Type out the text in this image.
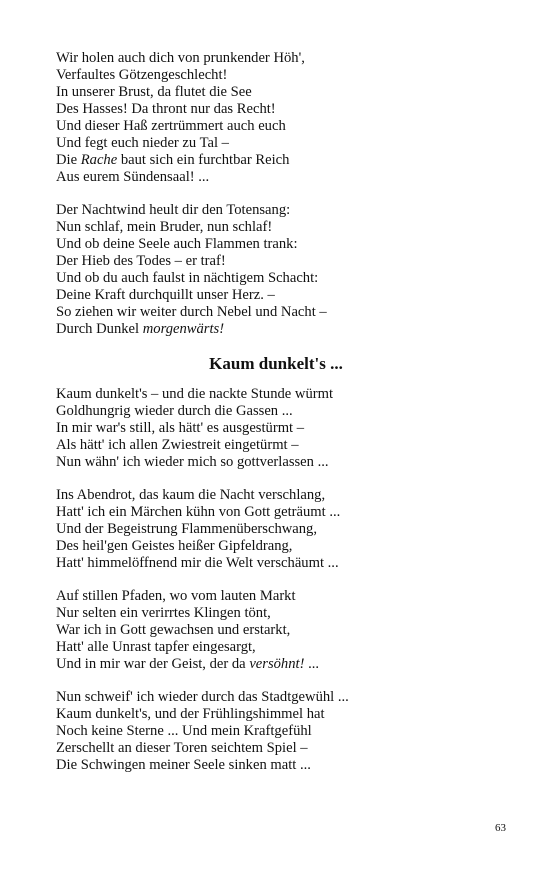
Wir holen auch dich von prunkender Höh',
Verfaultes Götzengeschlecht!
In unserer Brust, da flutet die See
Des Hasses! Da thront nur das Recht!
Und dieser Haß zertrümmert auch euch
Und fegt euch nieder zu Tal –
Die Rache baut sich ein furchtbar Reich
Aus eurem Sündensaal! ...
Der Nachtwind heult dir den Totensang:
Nun schlaf, mein Bruder, nun schlaf!
Und ob deine Seele auch Flammen trank:
Der Hieb des Todes – er traf!
Und ob du auch faulst in nächtigem Schacht:
Deine Kraft durchquillt unser Herz. –
So ziehen wir weiter durch Nebel und Nacht –
Durch Dunkel morgenwärts!
Kaum dunkelt's ...
Kaum dunkelt's – und die nackte Stunde würmt
Goldhungrig wieder durch die Gassen ...
In mir war's still, als hätt' es ausgestürmt –
Als hätt' ich allen Zwiestreit eingetürmt –
Nun wähn' ich wieder mich so gottverlassen ...
Ins Abendrot, das kaum die Nacht verschlang,
Hatt' ich ein Märchen kühn von Gott geträumt ...
Und der Begeistrung Flammenüberschwang,
Des heil'gen Geistes heißer Gipfeldrang,
Hatt' himmelöffnend mir die Welt verschäumt ...
Auf stillen Pfaden, wo vom lauten Markt
Nur selten ein verirrtes Klingen tönt,
War ich in Gott gewachsen und erstarkt,
Hatt' alle Unrast tapfer eingesargt,
Und in mir war der Geist, der da versöhnt! ...
Nun schweif' ich wieder durch das Stadtgewühl ...
Kaum dunkelt's, und der Frühlingshimmel hat
Noch keine Sterne ... Und mein Kraftgefühl
Zerschellt an dieser Toren seichtem Spiel –
Die Schwingen meiner Seele sinken matt ...
63
